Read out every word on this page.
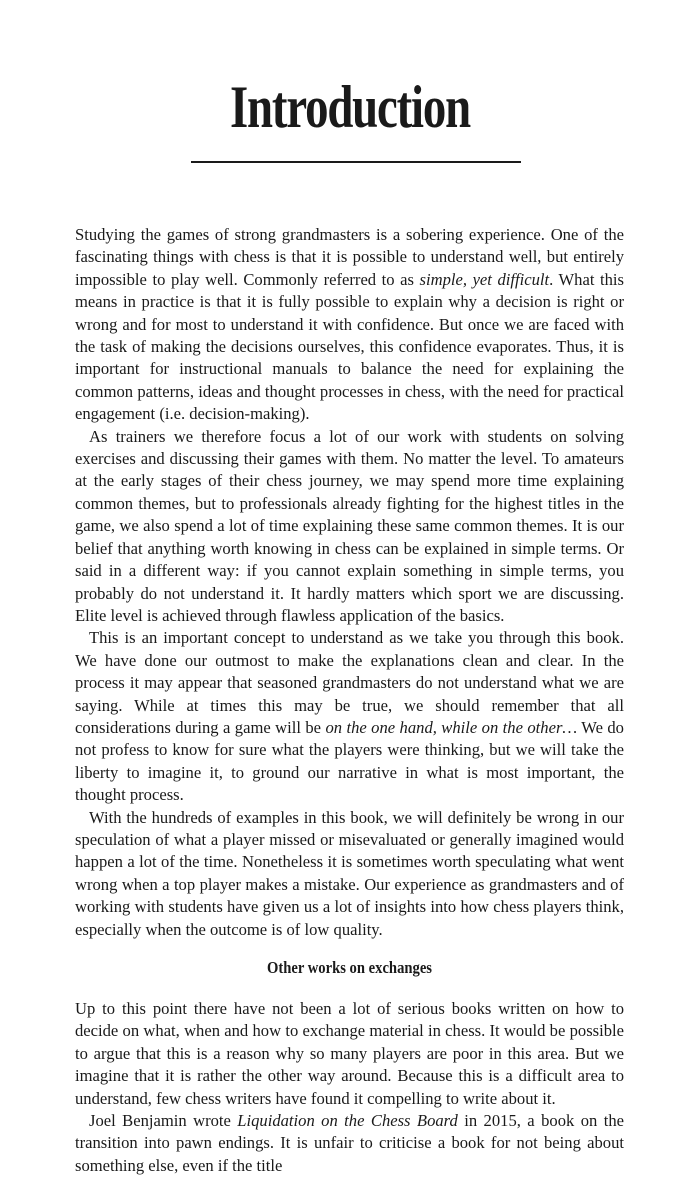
Introduction

Studying the games of strong grandmasters is a sobering experience. One of the fascinating things with chess is that it is possible to understand well, but entirely impossible to play well. Commonly referred to as simple, yet difficult. What this means in practice is that it is fully possible to explain why a decision is right or wrong and for most to understand it with confidence. But once we are faced with the task of making the decisions ourselves, this confidence evaporates. Thus, it is important for instructional manuals to balance the need for explaining the common patterns, ideas and thought processes in chess, with the need for practical engagement (i.e. decision-making).

As trainers we therefore focus a lot of our work with students on solving exercises and discussing their games with them. No matter the level. To amateurs at the early stages of their chess journey, we may spend more time explaining common themes, but to professionals already fighting for the highest titles in the game, we also spend a lot of time explaining these same common themes. It is our belief that anything worth knowing in chess can be explained in simple terms. Or said in a different way: if you cannot explain something in simple terms, you probably do not understand it. It hardly matters which sport we are discussing. Elite level is achieved through flawless application of the basics.

This is an important concept to understand as we take you through this book. We have done our outmost to make the explanations clean and clear. In the process it may appear that seasoned grandmasters do not understand what we are saying. While at times this may be true, we should remember that all considerations during a game will be on the one hand, while on the other… We do not profess to know for sure what the players were thinking, but we will take the liberty to imagine it, to ground our narrative in what is most important, the thought process.

With the hundreds of examples in this book, we will definitely be wrong in our speculation of what a player missed or misevaluated or generally imagined would happen a lot of the time. Nonetheless it is sometimes worth speculating what went wrong when a top player makes a mistake. Our experience as grandmasters and of working with students have given us a lot of insights into how chess players think, especially when the outcome is of low quality.

Other works on exchanges

Up to this point there have not been a lot of serious books written on how to decide on what, when and how to exchange material in chess. It would be possible to argue that this is a reason why so many players are poor in this area. But we imagine that it is rather the other way around. Because this is a difficult area to understand, few chess writers have found it compelling to write about it.

Joel Benjamin wrote Liquidation on the Chess Board in 2015, a book on the transition into pawn endings. It is unfair to criticise a book for not being about something else, even if the title
